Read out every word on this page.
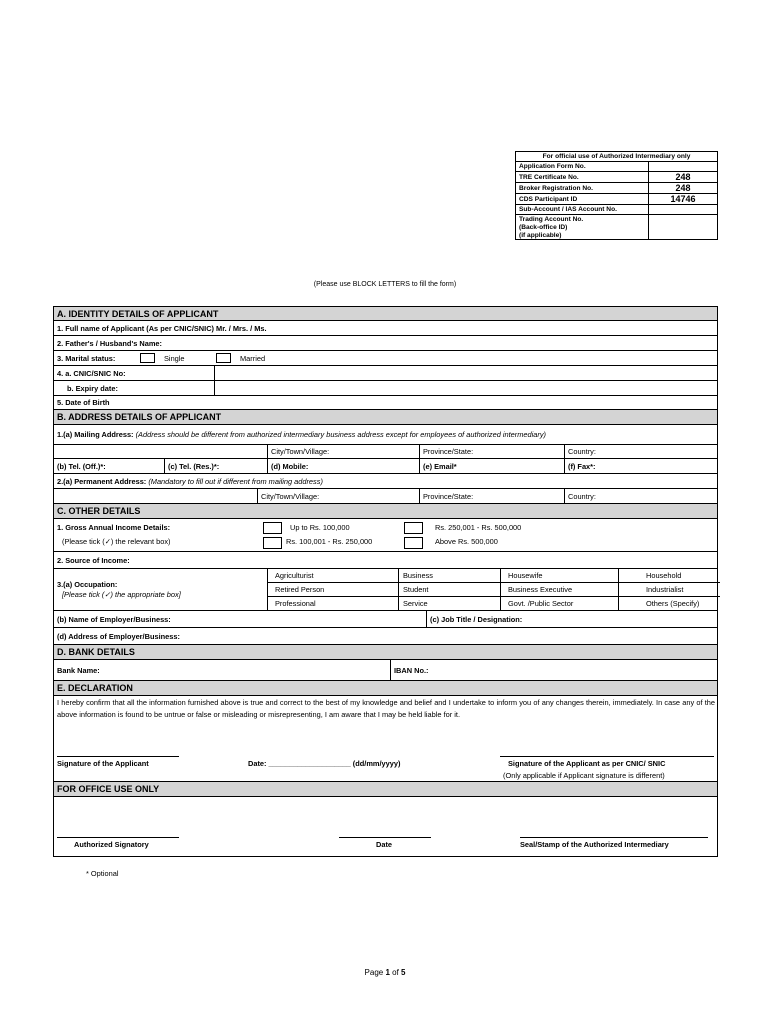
For official use of Authorized Intermediary only	
Application Form No.	
TRE Certificate No.	248
Broker Registration No.	248
CDS Participant ID	14746
Sub-Account / IAS Account No.	
Trading Account No.	
(Back-office ID)	
(if applicable)	
(Please use BLOCK LETTERS to fill the form)
A. IDENTITY DETAILS OF APPLICANT
1. Full name of Applicant (As per CNIC/SNIC) Mr. / Mrs. / Ms.
2. Father's / Husband's Name:
3. Marital status:	Single	Married
4. a. CNIC/SNIC No:
b. Expiry date:
5. Date of Birth
B. ADDRESS DETAILS OF APPLICANT
1.(a) Mailing Address:
(Address should be different from authorized intermediary business address except for employees of authorized intermediary)
City/Town/Village:	Province/State:	Country:
(b) Tel. (Off.)*:	(c) Tel. (Res.)*:	(d) Mobile:	(e) Email*	(f) Fax*:
2.(a) Permanent Address:
(Mandatory to fill out if different from mailing address)
City/Town/Village:	Province/State:	Country:
C. OTHER DETAILS
1. Gross Annual Income Details:
(Please tick (✓) the relevant box)
Up to Rs. 100,000
Rs. 100,001 - Rs. 250,000
Rs. 250,001 - Rs. 500,000
Above Rs. 500,000
2. Source of Income:
3.(a) Occupation:
[Please tick (✓) the appropriate box]
Agriculturist	Business	Housewife	Household
Retired Person	Student	Business Executive	Industrialist
Professional	Service	Govt. /Public Sector	Others (Specify)
(b) Name of Employer/Business:	(c) Job Title / Designation:
(d) Address of Employer/Business:
D. BANK DETAILS
Bank Name:	IBAN No.:
E. DECLARATION
I hereby confirm that all the information furnished above is true and correct to the best of my knowledge and belief and I undertake to inform you of any changes therein, immediately. In case any of the above information is found to be untrue or false or misleading or misrepresenting, I am aware that I may be held liable for it.
Signature of the Applicant	Date: ____________________ (dd/mm/yyyy)	Signature of the Applicant as per CNIC/ SNIC
(Only applicable if Applicant signature is different)
FOR OFFICE USE ONLY
Authorized Signatory	Date	Seal/Stamp of the Authorized Intermediary
* Optional
Page 1 of 5
